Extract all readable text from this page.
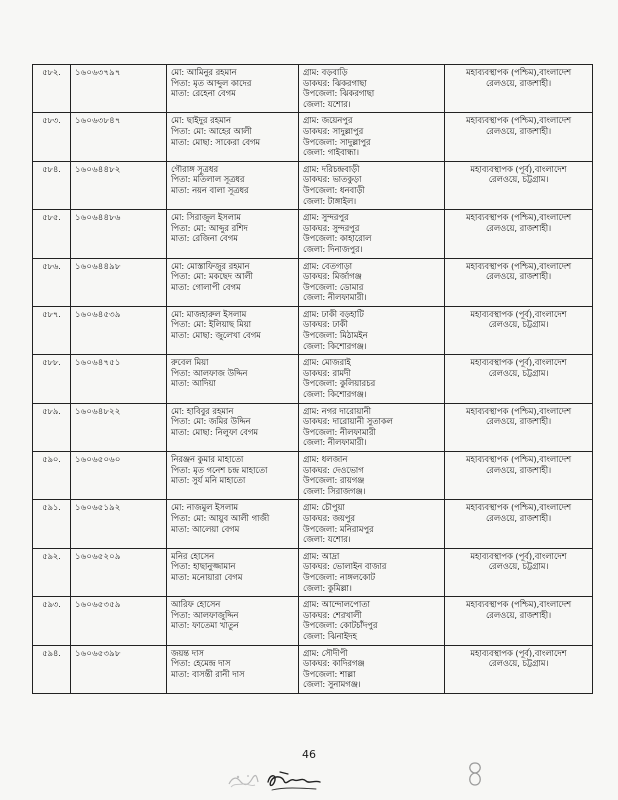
৫৮২.	১৬০৬৩৭৯৭	মো: আমিনুর রহমান
পিতা: মৃত আব্দুল কাদের
মাতা: রেহেনা বেগম	গ্রাম: বড়বাড়ি
ডাকঘর: ঝিকরগাছা
উপজেলা: ঝিকরগাছা
জেলা: যশোর।	মহাব্যবস্থাপক (পশ্চিম),বাংলাদেশ
রেলওয়ে, রাজশাহী।

৫৮৩.	১৬০৬৩৮৪৭	মো: ছাইদুর রহমান
পিতা: মো: আহের আলী
মাতা: মোছা: সাকেরা বেগম	গ্রাম: জয়েনপুর
ডাকঘর: সাদুল্লাপুর
উপজেলা: সাদুল্লাপুর
জেলা: গাইবান্ধা।	মহাব্যবস্থাপক (পশ্চিম),বাংলাদেশ
রেলওয়ে, রাজশাহী।

৫৮৪.	১৬০৬৪৪৮২	গৌরাঙ্গ সূত্রধর
পিতা: মতিলাল সূত্রধর
মাতা: নয়ন বালা সূত্রধর	গ্রাম: দরিচন্দ্রবাড়ী
ডাকঘর: ভাতকুড়া
উপজেলা: ধনবাড়ী
জেলা: টাঙ্গাইল।	মহাব্যবস্থাপক (পূর্ব),বাংলাদেশ
রেলওয়ে, চট্টগ্রাম।

৫৮৫.	১৬০৬৪৪৮৬	মো: সিরাজুল ইসলাম
পিতা: মো: আব্দুর রশিদ
মাতা: রেজিনা বেগম	গ্রাম: সুন্দরপুর
ডাকঘর: সুন্দরপুর
উপজেলা: কাহারোল
জেলা: দিনাজপুর।	মহাব্যবস্থাপক (পশ্চিম),বাংলাদেশ
রেলওয়ে, রাজশাহী।

৫৮৬.	১৬০৬৪৪৯৮	মো: মোস্তাফিজুর রহমান
পিতা: মো: মকছেদ আলী
মাতা: গোলাপী বেগম	গ্রাম: বেতগাড়া
ডাকঘর: মির্জাগঞ্জ
উপজেলা: ডোমার
জেলা: নীলফামারী।	মহাব্যবস্থাপক (পশ্চিম),বাংলাদেশ
রেলওয়ে, রাজশাহী।

৫৮৭.	১৬০৬৪৫৩৯	মো: মাজহারুল ইসলাম
পিতা: মো: ইলিয়াছ মিয়া
মাতা: মোছা: জুলেখা বেগম	গ্রাম: ঢাকী বড়হাটি
ডাকঘর: ঢাকী
উপজেলা: মিঠামইন
জেলা: কিশোরগঞ্জ।	মহাব্যবস্থাপক (পূর্ব),বাংলাদেশ
রেলওয়ে, চট্টগ্রাম।

৫৮৮.	১৬০৬৪৭৫১	রুবেল মিয়া
পিতা: আলফাজ উদ্দিন
মাতা: আদিয়া	গ্রাম: মোজরাই
ডাকঘর: রামদী
উপজেলা: কুলিয়ারচর
জেলা: কিশোরগঞ্জ।	মহাব্যবস্থাপক (পূর্ব),বাংলাদেশ
রেলওয়ে, চট্টগ্রাম।

৫৮৯.	১৬০৬৪৮২২	মো: হাবিবুর রহমান
পিতা: মো: জমির উদ্দিন
মাতা: মোছা: নিলুফা বেগম	গ্রাম: নগর দারোয়ানী
ডাকঘর: দারোয়ানী সুতাকল
উপজেলা: নীলফামারী
জেলা: নীলফামারী।	মহাব্যবস্থাপক (পশ্চিম),বাংলাদেশ
রেলওয়ে, রাজশাহী।

৫৯০.	১৬০৬৫০৬০	নিরঞ্জন কুমার মাহাতো
পিতা: মৃত গনেশ চন্দ্র মাহাতো
মাতা: সুর্য মনি মাহাতো	গ্রাম: ধলজান
ডাকঘর: দেওভোগ
উপজেলা: রায়গঞ্জ
জেলা: সিরাজগঞ্জ।	মহাব্যবস্থাপক (পশ্চিম),বাংলাদেশ
রেলওয়ে, রাজশাহী।

৫৯১.	১৬০৬৫১৯২	মো: নাজমুল ইসলাম
পিতা: মো: আয়ুব আলী গাজী
মাতা: আলেয়া বেগম	গ্রাম: চৌপুয়া
ডাকঘর: জয়পুর
উপজেলা: মনিরামপুর
জেলা: যশোর।	মহাব্যবস্থাপক (পশ্চিম),বাংলাদেশ
রেলওয়ে, রাজশাহী।

৫৯২.	১৬০৬৫২০৯	মনির হোসেন
পিতা: হাছানুজ্জামান
মাতা: মনোয়ারা বেগম	গ্রাম: আদ্রা
ডাকঘর: ভোলাইন বাজার
উপজেলা: নাঙ্গলকোট
জেলা: কুমিল্লা।	মহাব্যবস্থাপক (পূর্ব),বাংলাদেশ
রেলওয়ে, চট্টগ্রাম।

৫৯৩.	১৬০৬৫৩৫৯	আরিফ হোসেন
পিতা: আলফাজুদ্দিন
মাতা: ফাতেমা খাতুন	গ্রাম: আন্দোলপোতা
ডাকঘর: শেরখালী
উপজেলা: কোটচাঁদপুর
জেলা: ঝিনাইদহ	মহাব্যবস্থাপক (পশ্চিম),বাংলাদেশ
রেলওয়ে, রাজশাহী।

৫৯৪.	১৬০৬৫৩৯৮	জয়ন্ত দাস
পিতা: হেমেন্দ্র দাস
মাতা: বাসন্তী রানী দাস	গ্রাম: সৌদীপী
ডাকঘর: কাদিরগঞ্জ
উপজেলা: শাল্লা
জেলা: সুনামগঞ্জ।	মহাব্যবস্থাপক (পূর্ব),বাংলাদেশ
রেলওয়ে, চট্টগ্রাম।
46
